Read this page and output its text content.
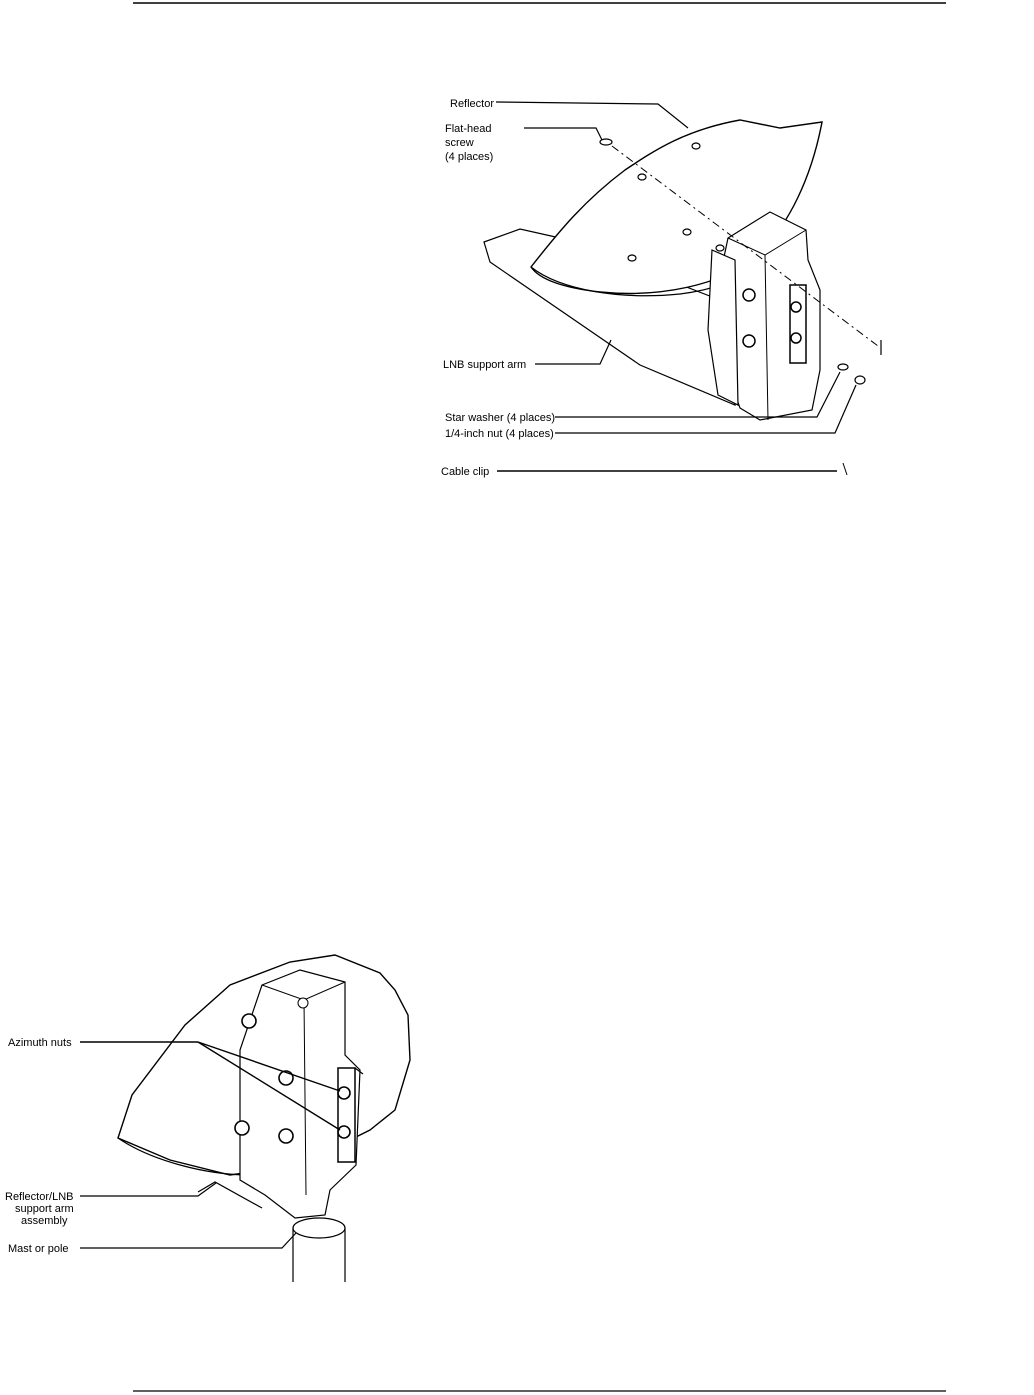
Reflector
Flat-head
screw
(4 places)
LNB support arm
Star washer (4 places)
1/4-inch nut (4 places)
Cable clip
Azimuth nuts
Reflector/LNB
support arm
assembly
Mast or pole
